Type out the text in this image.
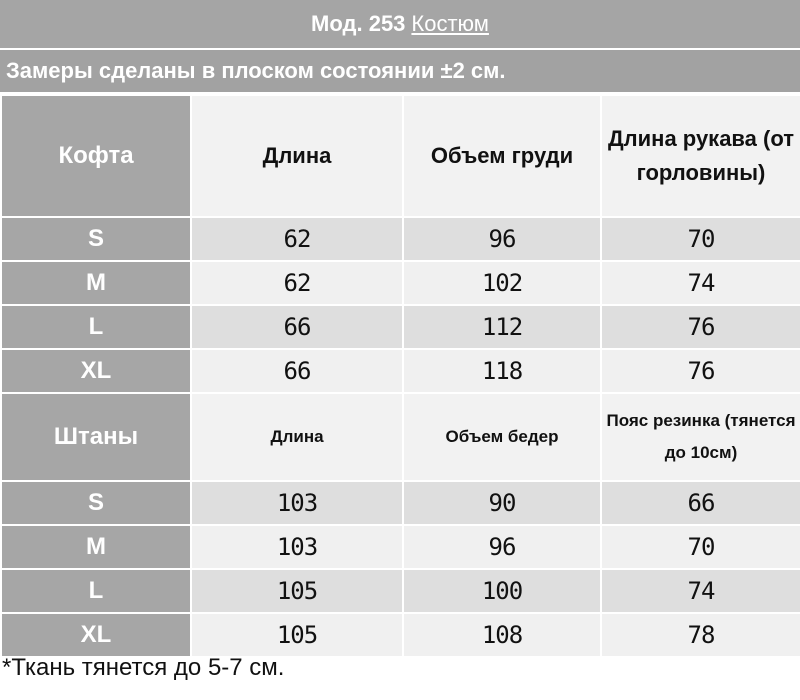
Мод. 253 Костюм
Замеры сделаны в плоском состоянии ±2 см.
Кофта	Длина	Объем груди	Длина рукава (от горловины)
S	62	96	70
M	62	102	74
L	66	112	76
XL	66	118	76
Штаны	Длина	Объем бедер	Пояс резинка (тянется до 10см)
S	103	90	66
M	103	96	70
L	105	100	74
XL	105	108	78
*Ткань тянется до 5-7 см.
